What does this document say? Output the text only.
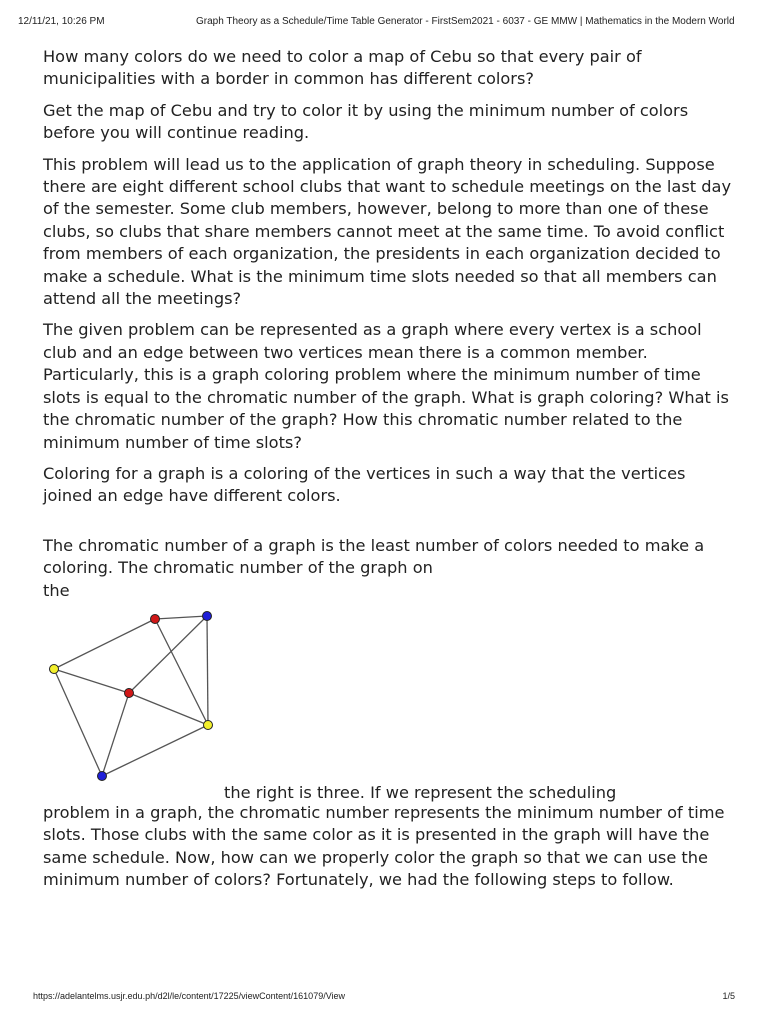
12/11/21, 10:26 PM	Graph Theory as a Schedule/Time Table Generator - FirstSem2021 - 6037 - GE MMW | Mathematics in the Modern World

How many colors do we need to color a map of Cebu so that every pair of municipalities with a border in common has different colors?

Get the map of Cebu and try to color it by using the minimum number of colors before you will continue reading.

This problem will lead us to the application of graph theory in scheduling. Suppose there are eight different school clubs that want to schedule meetings on the last day of the semester. Some club members, however, belong to more than one of these clubs, so clubs that share members cannot meet at the same time. To avoid conflict from members of each organization, the presidents in each organization decided to make a schedule. What is the minimum time slots needed so that all members can attend all the meetings?

The given problem can be represented as a graph where every vertex is a school club and an edge between two vertices mean there is a common member. Particularly, this is a graph coloring problem where the minimum number of time slots is equal to the chromatic number of the graph. What is graph coloring? What is the chromatic number of the graph? How this chromatic number related to the minimum number of time slots?

Coloring for a graph is a coloring of the vertices in such a way that the vertices joined an edge have different colors.

The chromatic number of a graph is the least number of colors needed to make a coloring. The chromatic number of the graph on
the

the right is three. If we represent the scheduling

problem in a graph, the chromatic number represents the minimum number of time slots. Those clubs with the same color as it is presented in the graph will have the same schedule. Now, how can we properly color the graph so that we can use the minimum number of colors? Fortunately, we had the following steps to follow.

https://adelantelms.usjr.edu.ph/d2l/le/content/17225/viewContent/161079/View	1/5
